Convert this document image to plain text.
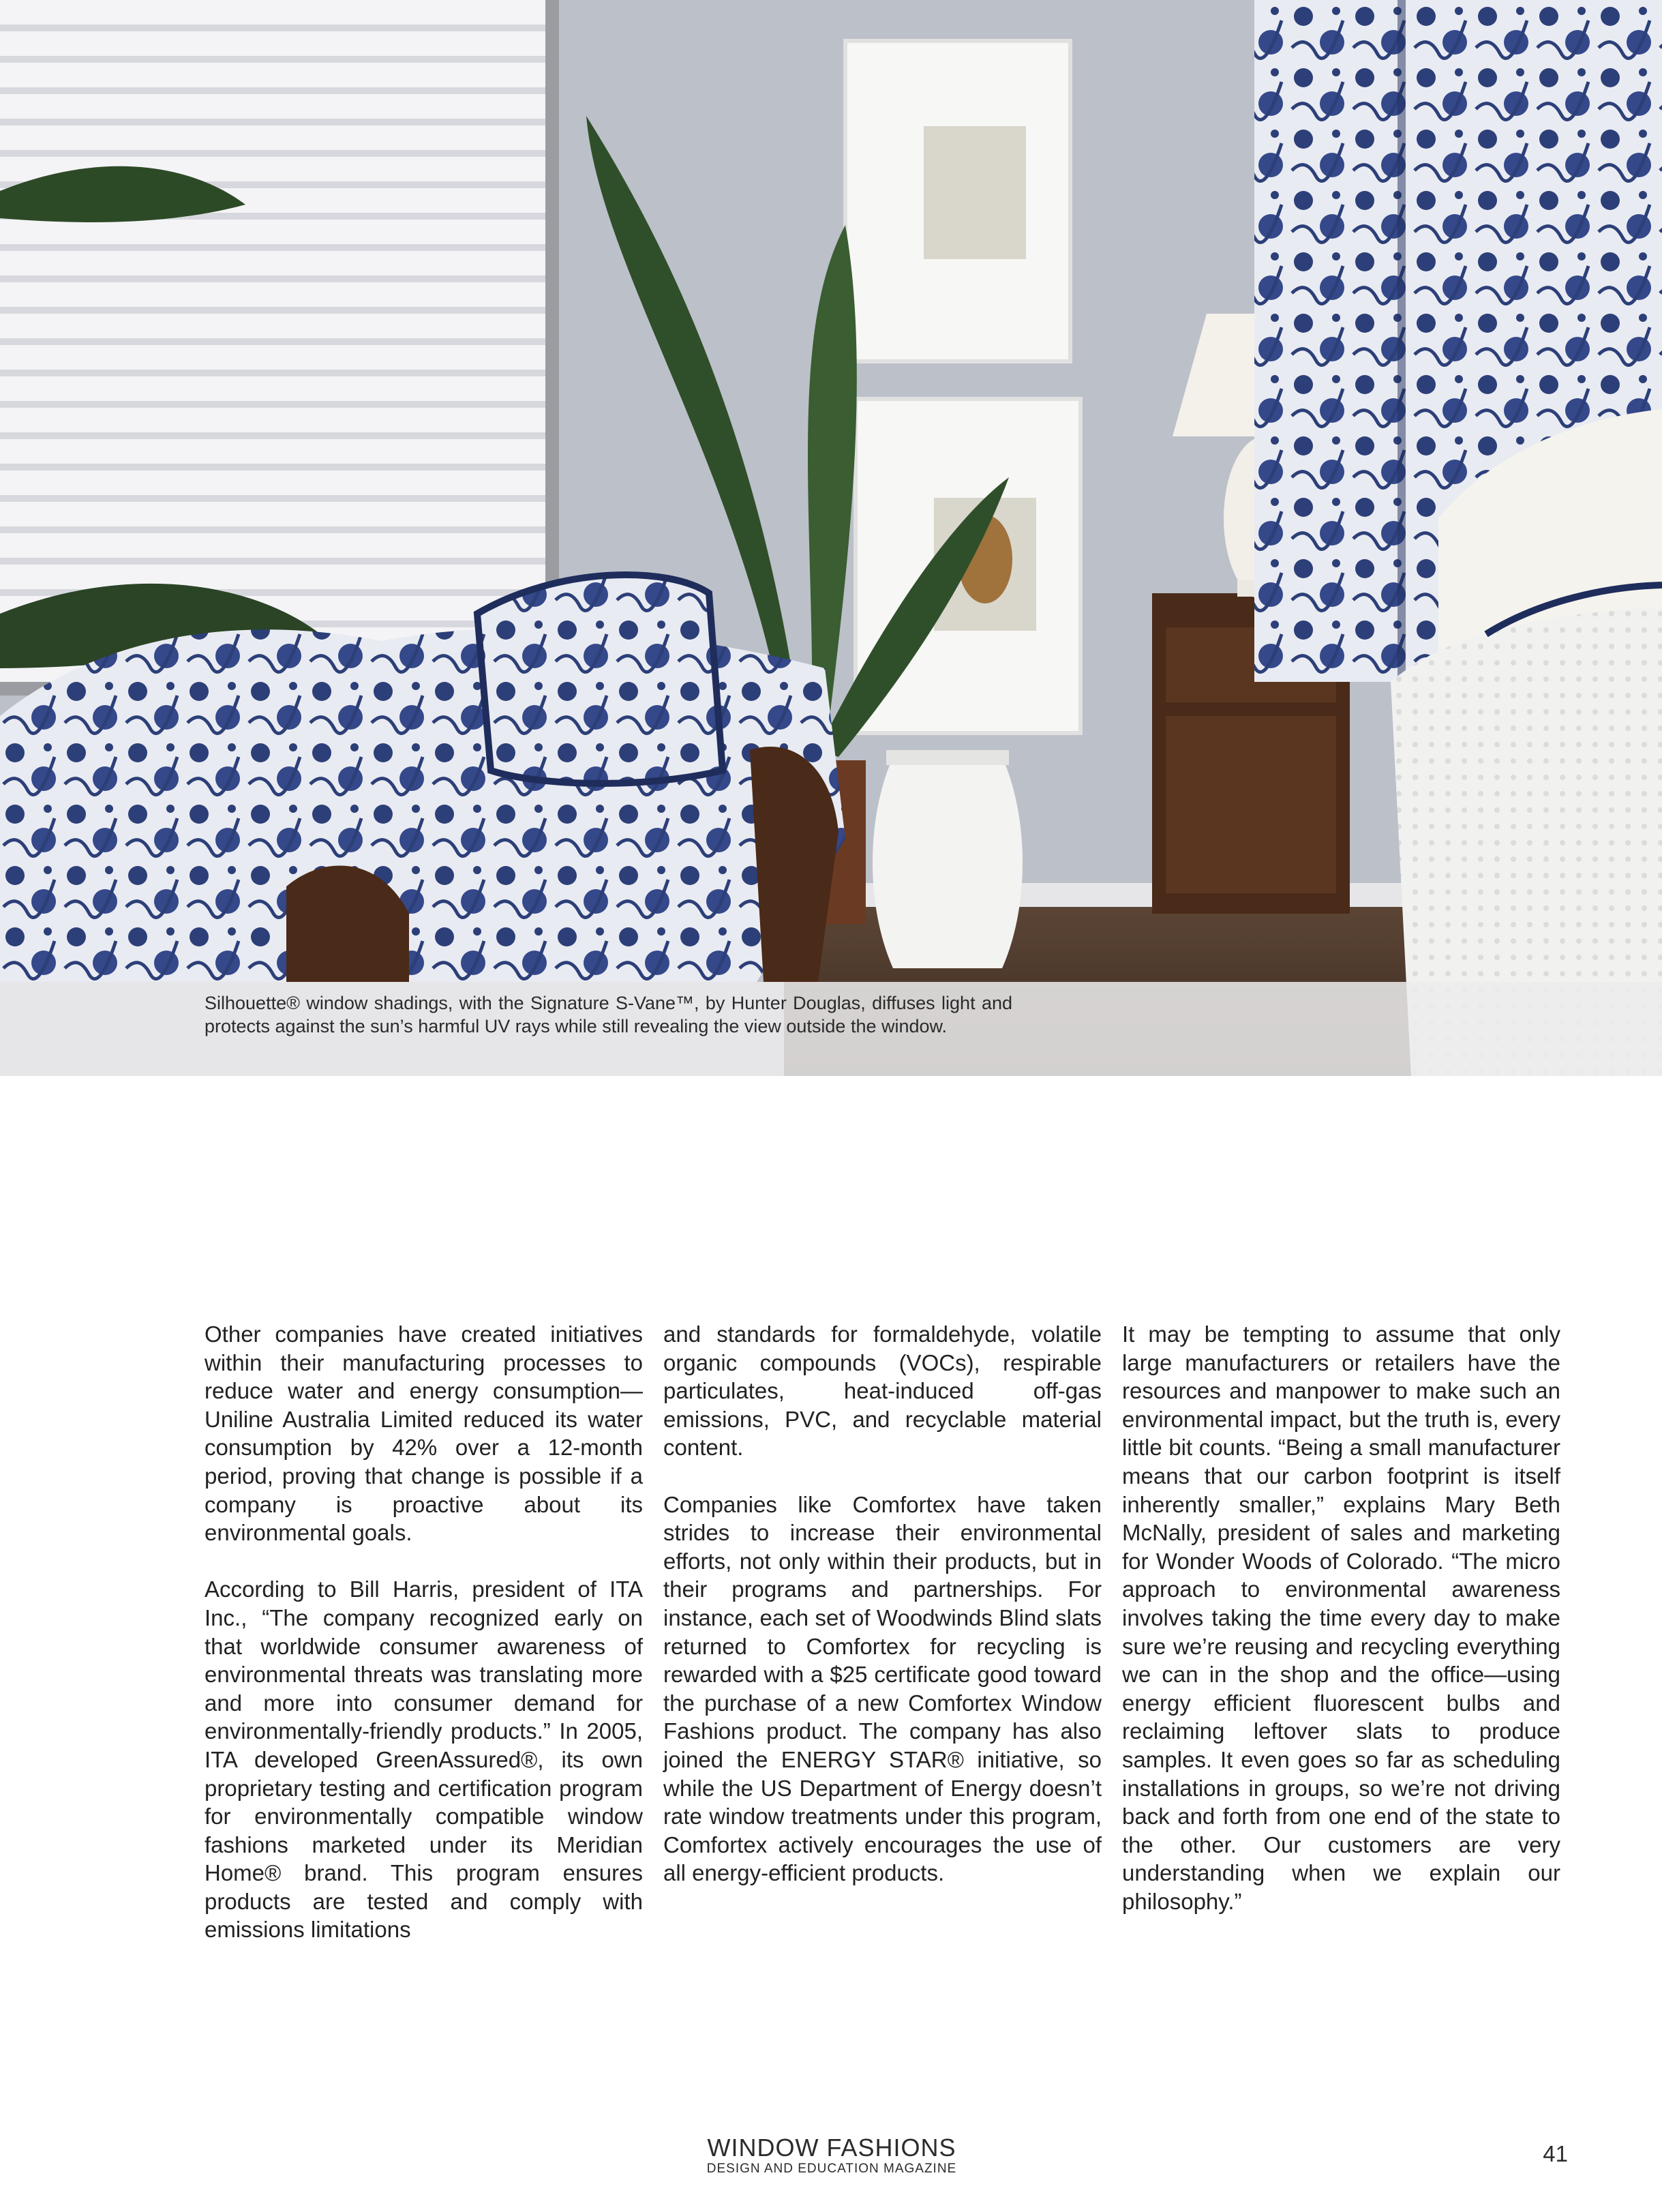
Silhouette® window shadings, with the Signature S-Vane™, by Hunter Douglas, diffuses light and protects against the sun’s harmful UV rays while still revealing the view outside the window.

Other companies have created initiatives within their manufacturing processes to reduce water and energy consumption—Uniline Australia Limited reduced its water consumption by 42% over a 12-month period, proving that change is possible if a company is proactive about its environmental goals.

According to Bill Harris, president of ITA Inc., “The company recognized early on that worldwide consumer awareness of environmental threats was translating more and more into consumer demand for environmentally-friendly products.” In 2005, ITA developed GreenAssured®, its own proprietary testing and certification program for environmentally compatible window fashions marketed under its Meridian Home® brand. This program ensures products are tested and comply with emissions limitations

and standards for formaldehyde, volatile organic compounds (VOCs), respirable particulates, heat-induced off-gas emissions, PVC, and recyclable material content.

Companies like Comfortex have taken strides to increase their environmental efforts, not only within their products, but in their programs and partnerships. For instance, each set of Woodwinds Blind slats returned to Comfortex for recycling is rewarded with a $25 certificate good toward the purchase of a new Comfortex Window Fashions product. The company has also joined the ENERGY STAR® initiative, so while the US Department of Energy doesn’t rate window treatments under this program, Comfortex actively encourages the use of all energy-efficient products.

It may be tempting to assume that only large manufacturers or retailers have the resources and manpower to make such an environmental impact, but the truth is, every little bit counts. “Being a small manufacturer means that our carbon footprint is itself inherently smaller,” explains Mary Beth McNally, president of sales and marketing for Wonder Woods of Colorado. “The micro approach to environmental awareness involves taking the time every day to make sure we’re reusing and recycling everything we can in the shop and the office—using energy efficient fluorescent bulbs and reclaiming leftover slats to produce samples. It even goes so far as scheduling installations in groups, so we’re not driving back and forth from one end of the state to the other. Our customers are very understanding when we explain our philosophy.”

WINDOW FASHIONS
DESIGN AND EDUCATION MAGAZINE
41
